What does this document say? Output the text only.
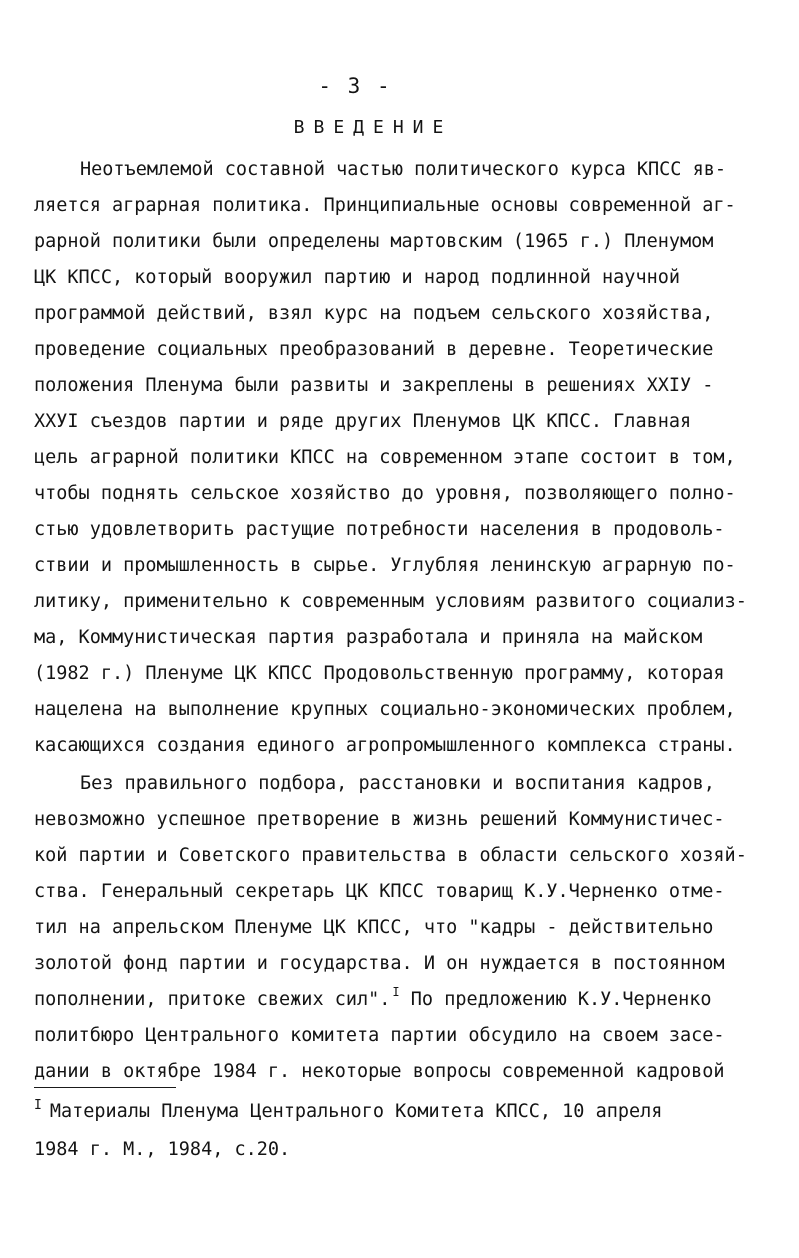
- 3 -
ВВЕДЕНИЕ
Неотъемлемой составной частью политического курса КПСС яв-
ляется аграрная политика. Принципиальные основы современной аг-
рарной политики были определены мартовским (1965 г.) Пленумом
ЦК КПСС, который вооружил партию и народ подлинной научной
программой действий, взял курс на подъем сельского хозяйства,
проведение социальных преобразований в деревне. Теоретические
положения Пленума были развиты и закреплены в решениях XXIУ -
XXУI съездов партии и ряде других Пленумов ЦК КПСС. Главная
цель аграрной политики КПСС на современном этапе состоит в том,
чтобы поднять сельское хозяйство до уровня, позволяющего полно-
стью удовлетворить растущие потребности населения в продоволь-
ствии и промышленность в сырье. Углубляя ленинскую аграрную по-
литику, применительно к современным условиям развитого социализ-
ма, Коммунистическая партия разработала и приняла на майском
(1982 г.) Пленуме ЦК КПСС Продовольственную программу, которая
нацелена на выполнение крупных социально-экономических проблем,
касающихся создания единого агропромышленного комплекса страны.
Без правильного подбора, расстановки и воспитания кадров,
невозможно успешное претворение в жизнь решений Коммунистичес-
кой партии и Советского правительства в области сельского хозяй-
ства. Генеральный секретарь ЦК КПСС товарищ К.У.Черненко отме-
тил на апрельском Пленуме ЦК КПСС, что "кадры - действительно
золотой фонд партии и государства. И он нуждается в постоянном
пополнении, притоке свежих сил". $^I$ По предложению К.У.Черненко
политбюро Центрального комитета партии обсудило на своем засе-
дании в октябре 1984 г. некоторые вопросы современной кадровой
$^I$ Материалы Пленума Центрального Комитета КПСС, 10 апреля
1984 г. М., 1984, с.20.
